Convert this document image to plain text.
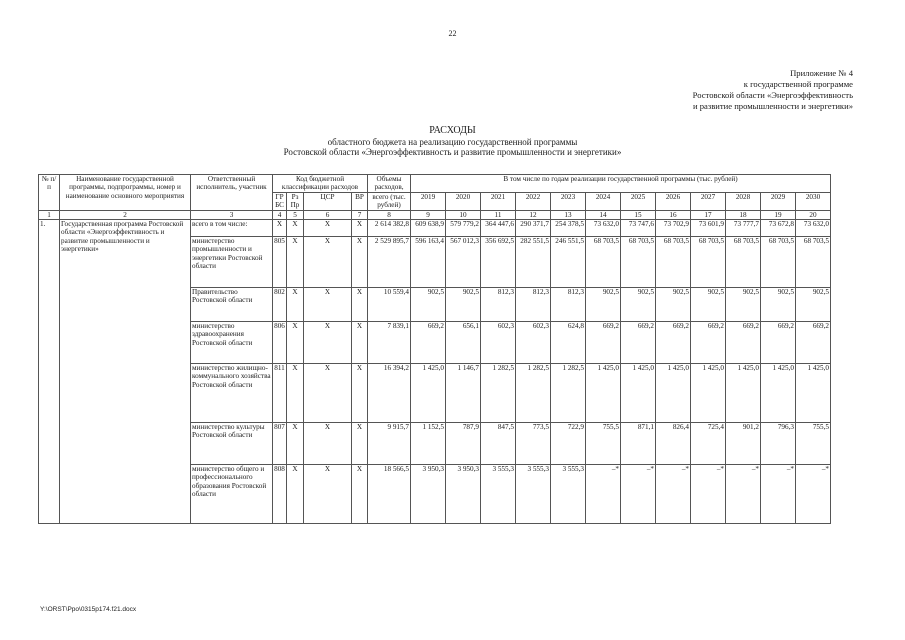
22
Приложение № 4
к государственной программе
Ростовской области «Энергоэффективность
и развитие промышленности и энергетики»
РАСХОДЫ
областного бюджета на реализацию государственной программы
Ростовской области «Энергоэффективность и развитие промышленности и энергетики»
№ п/п	Наименование государственной программы, подпрограммы, номер и наименование основного мероприятия	Ответственный исполнитель, участник	Код бюджетной классификации расходов				Объемы расходов,	В том числе по годам реализации государственной программы (тыс. рублей)											
			ГР БС	Рз Пр	ЦСР	ВР	всего (тыс. рублей)	2019	2020	2021	2022	2023	2024	2025	2026	2027	2028	2029	2030
1	2	3	4	5	6	7	8	9	10	11	12	13	14	15	16	17	18	19	20
1.	Государственная программа Ростовской области «Энергоэффективность и развитие промышленности и энергетики»	всего в том числе:	X	X	X	X	2 614 382,8	609 638,9	579 779,2	364 447,6	290 371,7	254 378,5	73 632,0	73 747,6	73 702,9	73 601,9	73 777,7	73 672,8	73 632,0
		министерство промышленности и энергетики Ростовской области	805	X	X	X	2 529 895,7	596 163,4	567 012,3	356 692,5	282 551,5	246 551,5	68 703,5	68 703,5	68 703,5	68 703,5	68 703,5	68 703,5	68 703,5
		Правительство Ростовской области	802	X	X	X	10 559,4	902,5	902,5	812,3	812,3	812,3	902,5	902,5	902,5	902,5	902,5	902,5	902,5
		министерство здравоохранения Ростовской области	806	X	X	X	7 839,1	669,2	656,1	602,3	602,3	624,8	669,2	669,2	669,2	669,2	669,2	669,2	669,2
		министерство жилищно-коммунального хозяйства Ростовской области	811	X	X	X	16 394,2	1 425,0	1 146,7	1 282,5	1 282,5	1 282,5	1 425,0	1 425,0	1 425,0	1 425,0	1 425,0	1 425,0	1 425,0
		министерство культуры Ростовской области	807	X	X	X	9 915,7	1 152,5	787,9	847,5	773,5	722,9	755,5	871,1	826,4	725,4	901,2	796,3	755,5
		министерство общего и профессионального образования Ростовской области	808	X	X	X	18 566,5	3 950,3	3 950,3	3 555,3	3 555,3	3 555,3	–*	–*	–*	–*	–*	–*	–*
Y:\ORST\Ppo\0315p174.f21.docx
